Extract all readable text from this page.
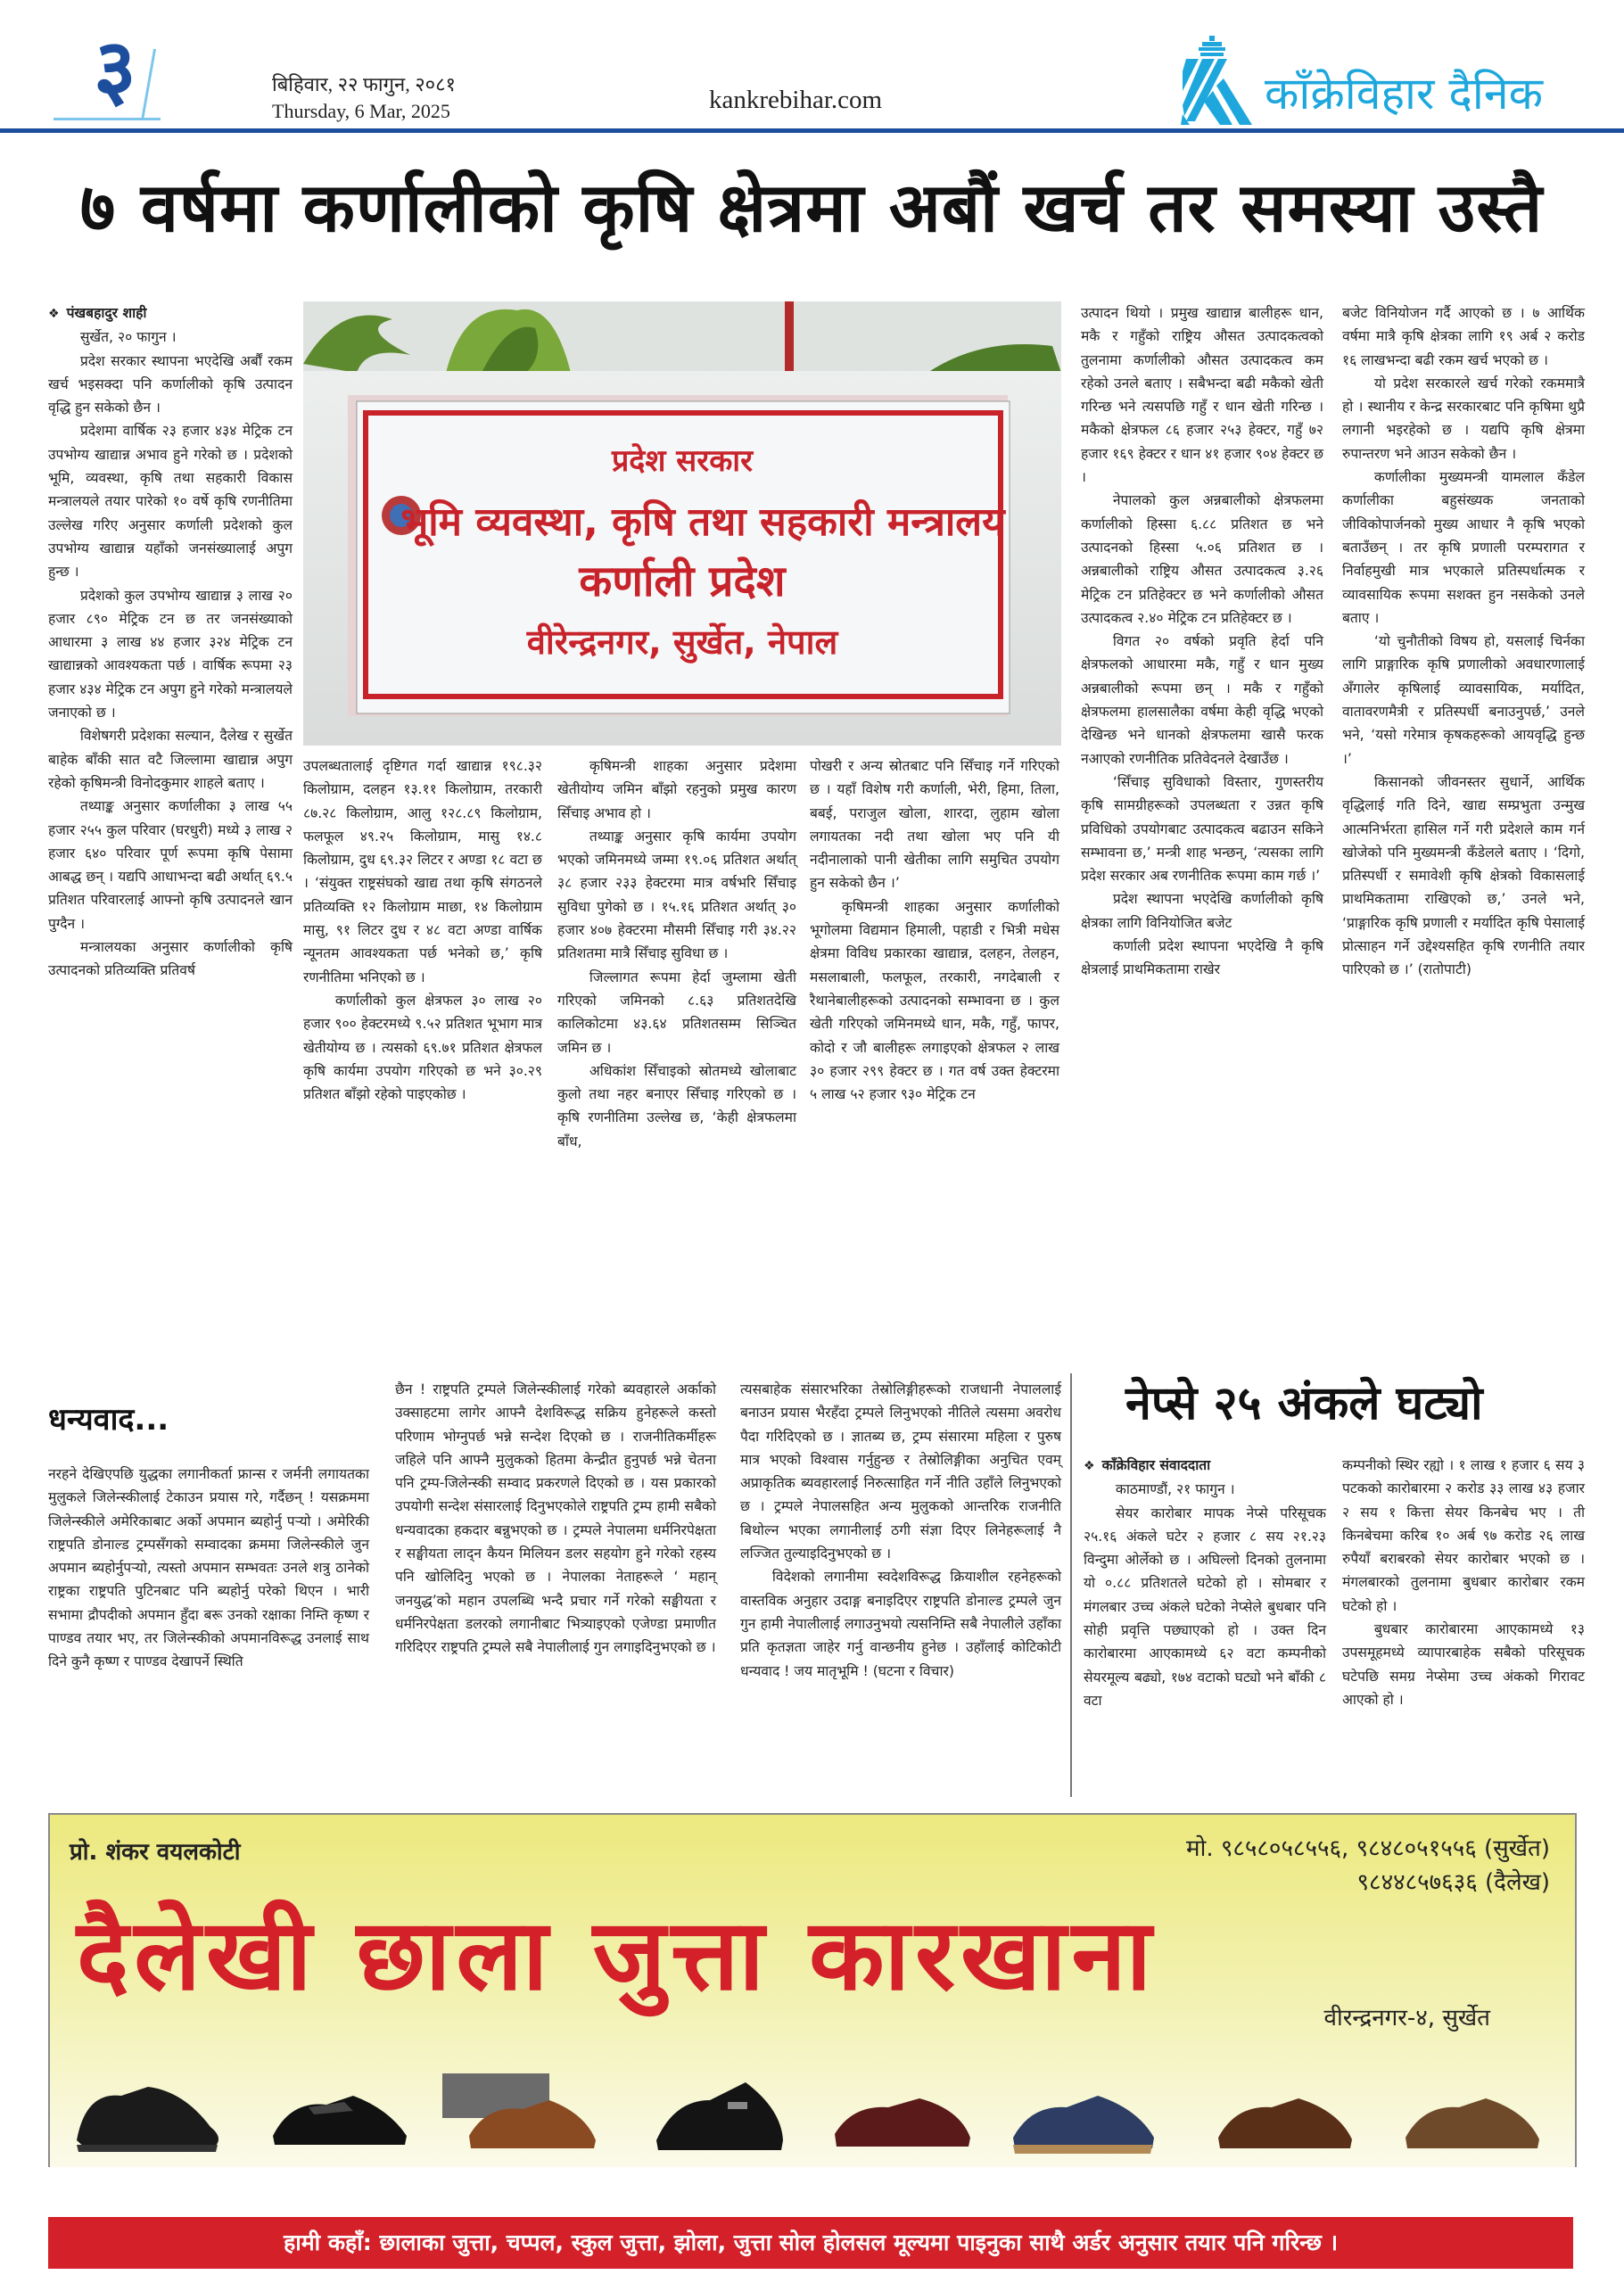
३	बिहिवार, २२ फागुन, २०८१
Thursday, 6 Mar, 2025	kankrebihar.com	काँक्रेविहार दैनिक
७ वर्षमा कर्णालीको कृषि क्षेत्रमा अबौं खर्च तर समस्या उस्तै

❖ पंखबहादुर शाही

सुर्खेत, २० फागुन ।

प्रदेश सरकार स्थापना भएदेखि अर्बौं रकम खर्च भइसक्दा पनि कर्णालीको कृषि उत्पादन वृद्धि हुन सकेको छैन ।

प्रदेशमा वार्षिक २३ हजार ४३४ मेट्रिक टन उपभोग्य खाद्यान्न अभाव हुने गरेको छ । प्रदेशको भूमि, व्यवस्था, कृषि तथा सहकारी विकास मन्त्रालयले तयार पारेको १० वर्षे कृषि रणनीतिमा उल्लेख गरिए अनुसार कर्णाली प्रदेशको कुल उपभोग्य खाद्यान्न यहाँको जनसंख्यालाई अपुग हुन्छ ।

प्रदेशको कुल उपभोग्य खाद्यान्न ३ लाख २० हजार ८९० मेट्रिक टन छ तर जनसंख्याको आधारमा ३ लाख ४४ हजार ३२४ मेट्रिक टन खाद्यान्नको आवश्यकता पर्छ । वार्षिक रूपमा २३ हजार ४३४ मेट्रिक टन अपुग हुने गरेको मन्त्रालयले जनाएको छ ।

विशेषगरी प्रदेशका सल्यान, दैलेख र सुर्खेत बाहेक बाँकी सात वटै जिल्लामा खाद्यान्न अपुग रहेको कृषिमन्त्री विनोदकुमार शाहले बताए ।

तथ्याङ्क अनुसार कर्णालीका ३ लाख ५५ हजार २५५ कुल परिवार (घरधुरी) मध्ये ३ लाख २ हजार ६४० परिवार पूर्ण रूपमा कृषि पेसामा आबद्ध छन् । यद्यपि आधाभन्दा बढी अर्थात् ६९.५ प्रतिशत परिवारलाई आफ्नो कृषि उत्पादनले खान पुग्दैन ।

मन्त्रालयका अनुसार कर्णालीको कृषि उत्पादनको प्रतिव्यक्ति प्रतिवर्ष

प्रदेश सरकार
भूमि व्यवस्था, कृषि तथा सहकारी मन्त्रालय
कर्णाली प्रदेश
वीरेन्द्रनगर, सुर्खेत, नेपाल

उपलब्धतालाई दृष्टिगत गर्दा खाद्यान्न १९८.३२ किलोग्राम, दलहन १३.११ किलोग्राम, तरकारी ८७.२८ किलोग्राम, आलु १२८.८९ किलोग्राम, फलफूल ४९.२५ किलोग्राम, मासु १४.८ किलोग्राम, दुध ६९.३२ लिटर र अण्डा १८ वटा छ । ‘संयुक्त राष्ट्रसंघको खाद्य तथा कृषि संगठनले प्रतिव्यक्ति १२ किलोग्राम माछा, १४ किलोग्राम मासु, ९१ लिटर दुध र ४८ वटा अण्डा वार्षिक न्यूनतम आवश्यकता पर्छ भनेको छ,’ कृषि रणनीतिमा भनिएको छ ।

कर्णालीको कुल क्षेत्रफल ३० लाख २० हजार ९०० हेक्टरमध्ये ९.५२ प्रतिशत भूभाग मात्र खेतीयोग्य छ । त्यसको ६९.७१ प्रतिशत क्षेत्रफल कृषि कार्यमा उपयोग गरिएको छ भने ३०.२९ प्रतिशत बाँझो रहेको पाइएकोछ ।

कृषिमन्त्री शाहका अनुसार प्रदेशमा खेतीयोग्य जमिन बाँझो रहनुको प्रमुख कारण सिँचाइ अभाव हो ।

तथ्याङ्क अनुसार कृषि कार्यमा उपयोग भएको जमिनमध्ये जम्मा १९.०६ प्रतिशत अर्थात् ३८ हजार २३३ हेक्टरमा मात्र वर्षभरि सिँचाइ सुविधा पुगेको छ । १५.१६ प्रतिशत अर्थात् ३० हजार ४०७ हेक्टरमा मौसमी सिँचाइ गरी ३४.२२ प्रतिशतमा मात्रै सिँचाइ सुविधा छ ।

जिल्लागत रूपमा हेर्दा जुम्लामा खेती गरिएको जमिनको ८.६३ प्रतिशतदेखि कालिकोटमा ४३.६४ प्रतिशतसम्म सिञ्चित जमिन छ ।

अधिकांश सिँचाइको स्रोतमध्ये खोलाबाट कुलो तथा नहर बनाएर सिँचाइ गरिएको छ । कृषि रणनीतिमा उल्लेख छ, ‘केही क्षेत्रफलमा बाँध,

पोखरी र अन्य स्रोतबाट पनि सिँचाइ गर्ने गरिएको छ । यहाँ विशेष गरी कर्णाली, भेरी, हिमा, तिला, बबई, पराजुल खोला, शारदा, लुहाम खोला लगायतका नदी तथा खोला भए पनि यी नदीनालाको पानी खेतीका लागि समुचित उपयोग हुन सकेको छैन ।’

कृषिमन्त्री शाहका अनुसार कर्णालीको भूगोलमा विद्यमान हिमाली, पहाडी र भित्री मधेस क्षेत्रमा विविध प्रकारका खाद्यान्न, दलहन, तेलहन, मसलाबाली, फलफूल, तरकारी, नगदेबाली र रैथानेबालीहरूको उत्पादनको सम्भावना छ । कुल खेती गरिएको जमिनमध्ये धान, मकै, गहुँ, फापर, कोदो र जौ बालीहरू लगाइएको क्षेत्रफल २ लाख ३० हजार २९९ हेक्टर छ । गत वर्ष उक्त हेक्टरमा ५ लाख ५२ हजार ९३० मेट्रिक टन

उत्पादन थियो । प्रमुख खाद्यान्न बालीहरू धान, मकै र गहुँको राष्ट्रिय औसत उत्पादकत्वको तुलनामा कर्णालीको औसत उत्पादकत्व कम रहेको उनले बताए । सबैभन्दा बढी मकैको खेती गरिन्छ भने त्यसपछि गहुँ र धान खेती गरिन्छ । मकैको क्षेत्रफल ८६ हजार २५३ हेक्टर, गहुँ ७२ हजार १६९ हेक्टर र धान ४१ हजार ९०४ हेक्टर छ ।

नेपालको कुल अन्नबालीको क्षेत्रफलमा कर्णालीको हिस्सा ६.८८ प्रतिशत छ भने उत्पादनको हिस्सा ५.०६ प्रतिशत छ । अन्नबालीको राष्ट्रिय औसत उत्पादकत्व ३.२६ मेट्रिक टन प्रतिहेक्टर छ भने कर्णालीको औसत उत्पादकत्व २.४० मेट्रिक टन प्रतिहेक्टर छ ।

विगत २० वर्षको प्रवृति हेर्दा पनि क्षेत्रफलको आधारमा मकै, गहुँ र धान मुख्य अन्नबालीको रूपमा छन् । मकै र गहुँको क्षेत्रफलमा हालसालैका वर्षमा केही वृद्धि भएको देखिन्छ भने धानको क्षेत्रफलमा खासै फरक नआएको रणनीतिक प्रतिवेदनले देखाउँछ ।

‘सिँचाइ सुविधाको विस्तार, गुणस्तरीय कृषि सामग्रीहरूको उपलब्धता र उन्नत कृषि प्रविधिको उपयोगबाट उत्पादकत्व बढाउन सकिने सम्भावना छ,’ मन्त्री शाह भन्छन्, ‘त्यसका लागि प्रदेश सरकार अब रणनीतिक रूपमा काम गर्छ ।’

प्रदेश स्थापना भएदेखि कर्णालीको कृषि क्षेत्रका लागि विनियोजित बजेट

कर्णाली प्रदेश स्थापना भएदेखि नै कृषि क्षेत्रलाई प्राथमिकतामा राखेर

बजेट विनियोजन गर्दै आएको छ । ७ आर्थिक वर्षमा मात्रै कृषि क्षेत्रका लागि १९ अर्ब २ करोड १६ लाखभन्दा बढी रकम खर्च भएको छ ।

यो प्रदेश सरकारले खर्च गरेको रकममात्रै हो । स्थानीय र केन्द्र सरकारबाट पनि कृषिमा थुप्रै लगानी भइरहेको छ । यद्यपि कृषि क्षेत्रमा रुपान्तरण भने आउन सकेको छैन ।

कर्णालीका मुख्यमन्त्री यामलाल कँडेल कर्णालीका बहुसंख्यक जनताको जीविकोपार्जनको मुख्य आधार नै कृषि भएको बताउँछन् । तर कृषि प्रणाली परम्परागत र निर्वाहमुखी मात्र भएकाले प्रतिस्पर्धात्मक र व्यावसायिक रूपमा सशक्त हुन नसकेको उनले बताए ।

‘यो चुनौतीको विषय हो, यसलाई चिर्नका लागि प्राङ्गारिक कृषि प्रणालीको अवधारणालाई अँगालेर कृषिलाई व्यावसायिक, मर्यादित, वातावरणमैत्री र प्रतिस्पर्धी बनाउनुपर्छ,’ उनले भने, ‘यसो गरेमात्र कृषकहरूको आयवृद्धि हुन्छ ।’

किसानको जीवनस्तर सुधार्ने, आर्थिक वृद्धिलाई गति दिने, खाद्य सम्प्रभुता उन्मुख आत्मनिर्भरता हासिल गर्ने गरी प्रदेशले काम गर्न खोजेको पनि मुख्यमन्त्री कँडेलले बताए । ‘दिगो, प्रतिस्पर्धी र समावेशी कृषि क्षेत्रको विकासलाई प्राथमिकतामा राखिएको छ,’ उनले भने, ‘प्राङ्गारिक कृषि प्रणाली र मर्यादित कृषि पेसालाई प्रोत्साहन गर्ने उद्देश्यसहित कृषि रणनीति तयार पारिएको छ ।’ (रातोपाटी)

धन्यवाद...

नरहने देखिएपछि युद्धका लगानीकर्ता फ्रान्स र जर्मनी लगायतका मुलुकले जिलेन्स्कीलाई टेकाउन प्रयास गरे, गर्दैछन् ! यसक्रममा जिलेन्स्कीले अमेरिकाबाट अर्को अपमान ब्यहोर्नु पऱ्यो । अमेरिकी राष्ट्रपति डोनाल्ड ट्रम्पसँगको सम्वादका क्रममा जिलेन्स्कीले जुन अपमान ब्यहोर्नुपऱ्यो, त्यस्तो अपमान सम्भवतः उनले शत्रु ठानेको राष्ट्रका राष्ट्रपति पुटिनबाट पनि ब्यहोर्नु परेको थिएन । भारी सभामा द्रौपदीको अपमान हुँदा बरू उनको रक्षाका निम्ति कृष्ण र पाण्डव तयार भए, तर जिलेन्स्कीको अपमानविरूद्ध उनलाई साथ दिने कुनै कृष्ण र पाण्डव देखापर्ने स्थिति

छैन ! राष्ट्रपति ट्रम्पले जिलेन्स्कीलाई गरेको ब्यवहारले अर्काको उक्साहटमा लागेर आफ्नै देशविरूद्ध सक्रिय हुनेहरूले कस्तो परिणाम भोग्नुपर्छ भन्ने सन्देश दिएको छ । राजनीतिकर्मीहरू जहिले पनि आफ्नै मुलुकको हितमा केन्द्रीत हुनुपर्छ भन्ने चेतना पनि ट्रम्प-जिलेन्स्की सम्वाद प्रकरणले दिएको छ । यस प्रकारको उपयोगी सन्देश संसारलाई दिनुभएकोले राष्ट्रपति ट्रम्प हामी सबैको धन्यवादका हकदार बन्नुभएको छ । ट्रम्पले नेपालमा धर्मनिरपेक्षता र सङ्घीयता लाद्न कैयन मिलियन डलर सहयोग हुने गरेको रहस्य पनि खोलिदिनु भएको छ । नेपालका नेताहरूले ‘ महान् जनयुद्ध’को महान उपलब्धि भन्दै प्रचार गर्ने गरेको सङ्घीयता र धर्मनिरपेक्षता डलरको लगानीबाट भित्र्याइएको एजेण्डा प्रमाणीत गरिदिएर राष्ट्रपति ट्रम्पले सबै नेपालीलाई गुन लगाइदिनुभएको छ ।

त्यसबाहेक संसारभरिका तेस्रोलिङ्गीहरूको राजधानी नेपाललाई बनाउन प्रयास भैरहँदा ट्रम्पले लिनुभएको नीतिले त्यसमा अवरोध पैदा गरिदिएको छ । ज्ञातब्य छ, ट्रम्प संसारमा महिला र पुरुष मात्र भएको विश्वास गर्नुहुन्छ र तेस्रोलिङ्गीका अनुचित एवम् अप्राकृतिक ब्यवहारलाई निरुत्साहित गर्ने नीति उहाँले लिनुभएको छ । ट्रम्पले नेपालसहित अन्य मुलुकको आन्तरिक राजनीति बिथोल्न भएका लगानीलाई ठगी संज्ञा दिएर लिनेहरूलाई नै लज्जित तुल्याइदिनुभएको छ ।

विदेशको लगानीमा स्वदेशविरूद्ध क्रियाशील रहनेहरूको वास्तविक अनुहार उदाङ्ग बनाइदिएर राष्ट्रपति डोनाल्ड ट्रम्पले जुन गुन हामी नेपालीलाई लगाउनुभयो त्यसनिम्ति सबै नेपालीले उहाँका प्रति कृतज्ञता जाहेर गर्नु वान्छनीय हुनेछ । उहाँलाई कोटिकोटी धन्यवाद ! जय मातृभूमि ! (घटना र विचार)

नेप्से २५ अंकले घट्यो

❖ काँक्रेविहार संवाददाता

काठमाण्डौं, २१ फागुन ।

सेयर कारोबार मापक नेप्से परिसूचक २५.१६ अंकले घटेर २ हजार ८ सय २१.२३ विन्दुमा ओर्लेको छ । अघिल्लो दिनको तुलनामा यो ०.८८ प्रतिशतले घटेको हो । सोमबार र मंगलबार उच्च अंकले घटेको नेप्सेले बुधबार पनि सोही प्रवृत्ति पछ्याएको हो । उक्त दिन कारोबारमा आएकामध्ये ६२ वटा कम्पनीको सेयरमूल्य बढ्यो, १७४ वटाको घट्यो भने बाँकी ८ वटा

कम्पनीको स्थिर रह्यो । १ लाख १ हजार ६ सय ३ पटकको कारोबारमा २ करोड ३३ लाख ४३ हजार २ सय १ कित्ता सेयर किनबेच भए । ती किनबेचमा करिब १० अर्ब ९७ करोड २६ लाख रुपैयाँ बराबरको सेयर कारोबार भएको छ । मंगलबारको तुलनामा बुधबार कारोबार रकम घटेको हो ।

बुधबार कारोबारमा आएकामध्ये १३ उपसमूहमध्ये व्यापारबाहेक सबैको परिसूचक घटेपछि समग्र नेप्सेमा उच्च अंकको गिरावट आएको हो ।

प्रो. शंकर वयलकोटी	मो. ९८५८०५८५५६, ९८४८०५१५५६ (सुर्खेत)
९८४४८५७६३६ (दैलेख)
दैलेखी छाला जुत्ता कारखाना
वीरन्द्रनगर-४, सुर्खेत
हामी कहाँ: छालाका जुत्ता, चप्पल, स्कुल जुत्ता, झोला, जुत्ता सोल होलसल मूल्यमा पाइनुका साथै अर्डर अनुसार तयार पनि गरिन्छ ।
